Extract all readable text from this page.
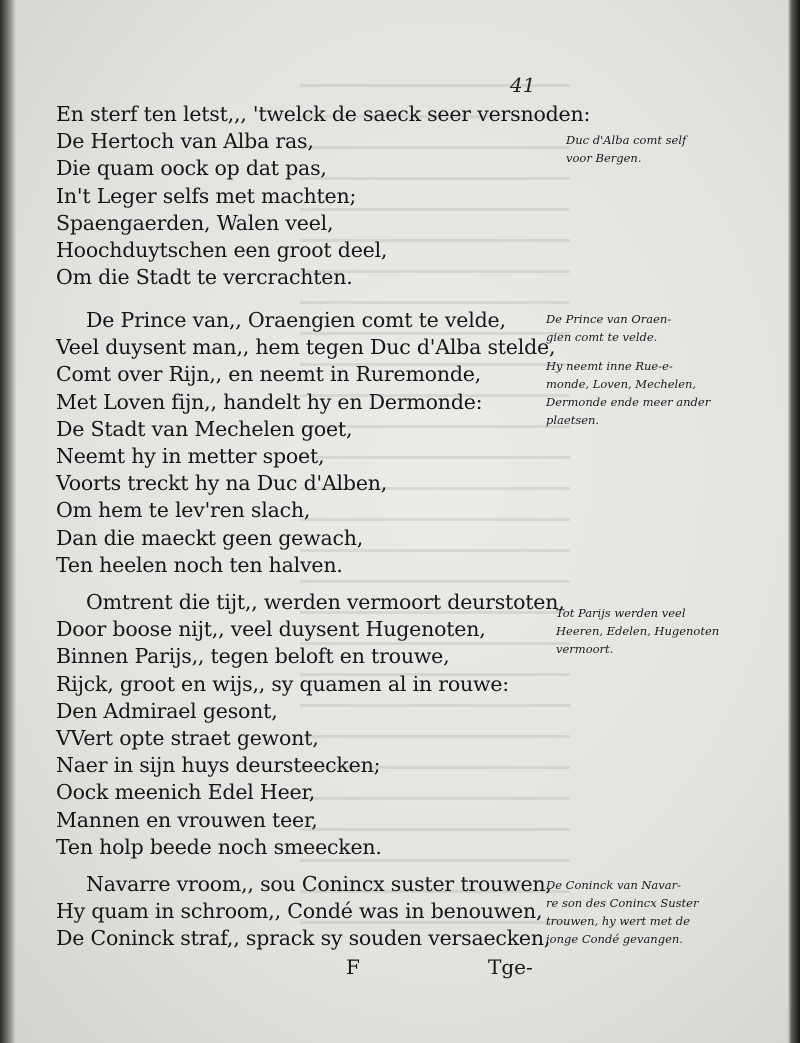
41
En sterf ten letst,,, 'twelck de saeck seer versnoden:
De Hertoch van Alba ras,
Die quam oock op dat pas,
In't Leger selfs met machten;
Spaengaerden, Walen veel,
Hoochduytschen een groot deel,
Om die Stadt te vercrachten.
De Prince van,, Oraengien comt te velde,
Veel duysent man,, hem tegen Duc d'Alba stelde,
Comt over Rijn,, en neemt in Ruremonde,
Met Loven fijn,, handelt hy en Dermonde:
De Stadt van Mechelen goet,
Neemt hy in metter spoet,
Voorts treckt hy na Duc d'Alben,
Om hem te lev'ren slach,
Dan die maeckt geen gewach,
Ten heelen noch ten halven.
Omtrent die tijt,, werden vermoort deurstoten,
Door boose nijt,, veel duysent Hugenoten,
Binnen Parijs,, tegen beloft en trouwe,
Rijck, groot en wijs,, sy quamen al in rouwe:
Den Admirael gesont,
VVert opte straet gewont,
Naer in sijn huys deursteecken;
Oock meenich Edel Heer,
Mannen en vrouwen teer,
Ten holp beede noch smeecken.
Navarre vroom,, sou Conincx suster trouwen,
Hy quam in schroom,, Condé was in benouwen,
De Coninck straf,, sprack sy souden versaecken,
Duc d'Alba comt self
voor Bergen.
De Prince van Oraen-
gien comt te velde.
Hy neemt inne Rue-e-
monde, Loven, Mechelen,
Dermonde ende meer ander
plaetsen.
Tot Parijs werden veel
Heeren, Edelen, Hugenoten
vermoort.
De Coninck van Navar-
re son des Conincx Suster
trouwen, hy wert met de
ionge Condé gevangen.
F	Tge-
